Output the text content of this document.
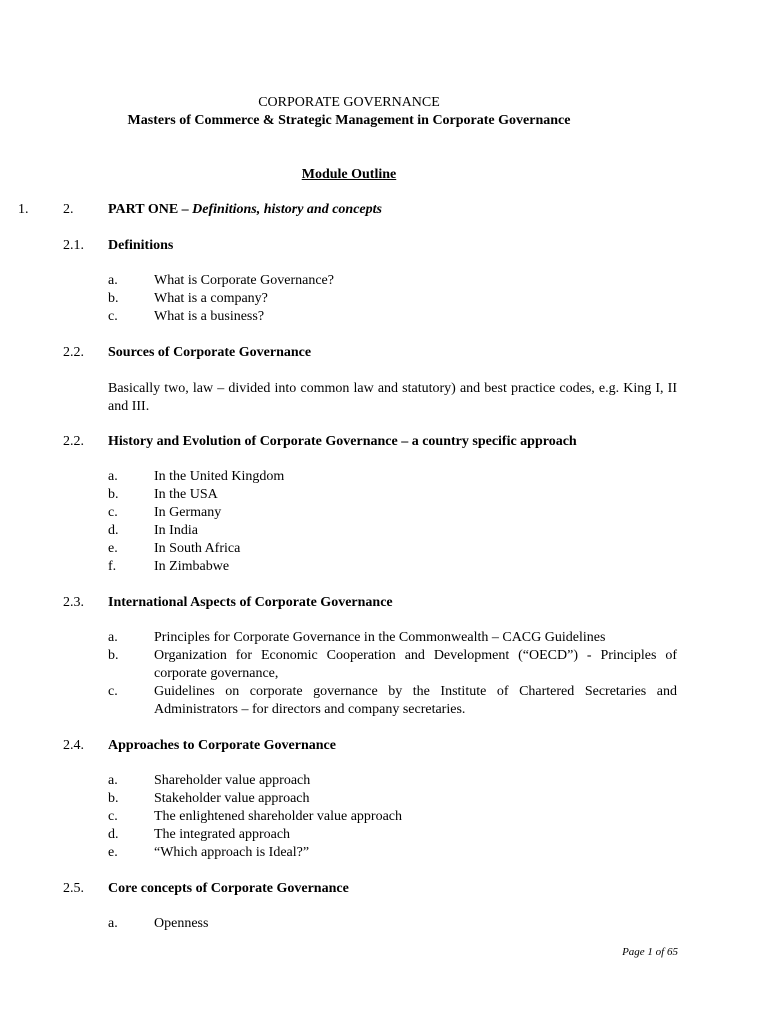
CORPORATE GOVERNANCE
Masters of Commerce & Strategic Management in Corporate Governance
Module Outline
1. 2. PART ONE – Definitions, history and concepts
2.1. Definitions
a.	What is Corporate Governance?
b.	What is a company?
c.	What is a business?
2.2. Sources of Corporate Governance
Basically two, law – divided into common law and statutory) and best practice codes, e.g. King I, II and III.
2.2. History and Evolution of Corporate Governance – a country specific approach
a.	In the United Kingdom
b.	In the USA
c.	In Germany
d.	In India
e.	In South Africa
f.	In Zimbabwe
2.3. International Aspects of Corporate Governance
a.	Principles for Corporate Governance in the Commonwealth – CACG Guidelines
b.	Organization for Economic Cooperation and Development (“OECD”) - Principles of corporate governance,
c.	Guidelines on corporate governance by the Institute of Chartered Secretaries and Administrators – for directors and company secretaries.
2.4. Approaches to Corporate Governance
a.	Shareholder value approach
b.	Stakeholder value approach
c.	The enlightened shareholder value approach
d.	The integrated approach
e.	“Which approach is Ideal?”
2.5. Core concepts of Corporate Governance
a.	Openness
Page 1 of 65
